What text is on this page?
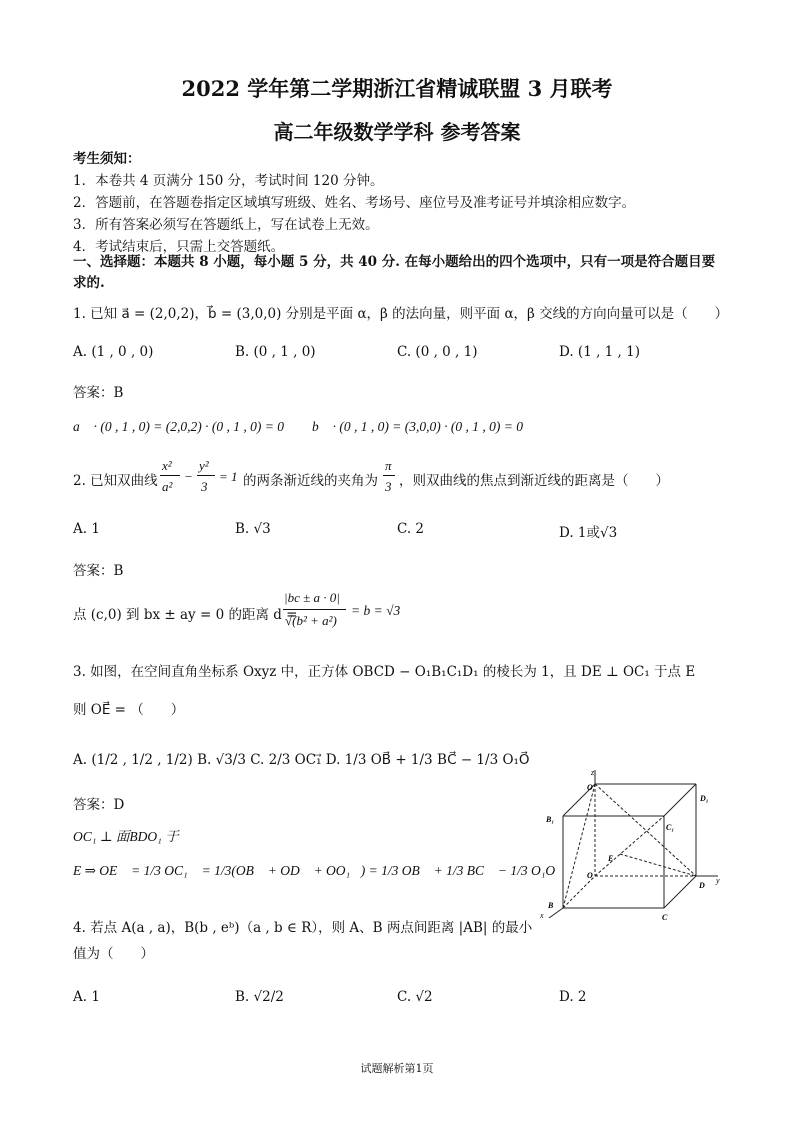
2022 学年第二学期浙江省精诚联盟 3 月联考
高二年级数学学科 参考答案
考生须知：
1．本卷共 4 页满分 150 分，考试时间 120 分钟。
2．答题前，在答题卷指定区域填写班级、姓名、考场号、座位号及准考证号并填涂相应数字。
3．所有答案必须写在答题纸上，写在试卷上无效。
4．考试结束后，只需上交答题纸。
一、选择题：本题共 8 小题，每小题 5 分，共 40 分. 在每小题给出的四个选项中，只有一项是符合题目要
求的.
1. 已知 a⃗ = (2,0,2)，b⃗ = (3,0,0) 分别是平面 α，β 的法向量，则平面 α，β 交线的方向向量可以是（　　）
A. (1 , 0 , 0)	B. (0 , 1 , 0)	C. (0 , 0 , 1)	D. (1 , 1 , 1)
答案：B
a⃗ · (0 , 1 , 0) = (2,0,2) · (0 , 1 , 0) = 0 b⃗ · (0 , 1 , 0) = (3,0,0) · (0 , 1 , 0) = 0
2. 已知双曲线
x²
a²
−
y²
3
= 1 的两条渐近线的夹角为
π
3 ，则双曲线的焦点到渐近线的距离是（　　）
A. 1	B. √3	C. 2	D. 1或√3
答案：B
点 (c,0) 到 bx ± ay = 0 的距离 d =
|bc ± a · 0|
√(b² + a²)
= b = √3
3. 如图，在空间直角坐标系 Oxyz 中，正方体 OBCD − O₁B₁C₁D₁ 的棱长为 1，且 DE ⊥ OC₁ 于点 E
则 OE⃗ = （　　）
A. (1/2 , 1/2 , 1/2) B. √3/3 C. 2/3 OC₁⃗ D. 1/3 OB⃗ + 1/3 BC⃗ − 1/3 O₁O⃗
答案：D
OC₁ ⊥ 面BDO₁ 于
E ⇒ OE⃗ = 1/3 OC₁⃗ = 1/3(OB⃗ + OD⃗ + OO₁⃗) = 1/3 OB⃗ + 1/3 BC⃗ − 1/3 O₁O⃗
z
O
D₁
B₁
C₁
E
O
D
y
B
C
x
4. 若点 A(a , a)，B(b , eᵇ)（a , b ∈ R），则 A、B 两点间距离 |AB| 的最小
值为（　　）
A. 1	B. √2/2	C. √2	D. 2
试题解析第1页
